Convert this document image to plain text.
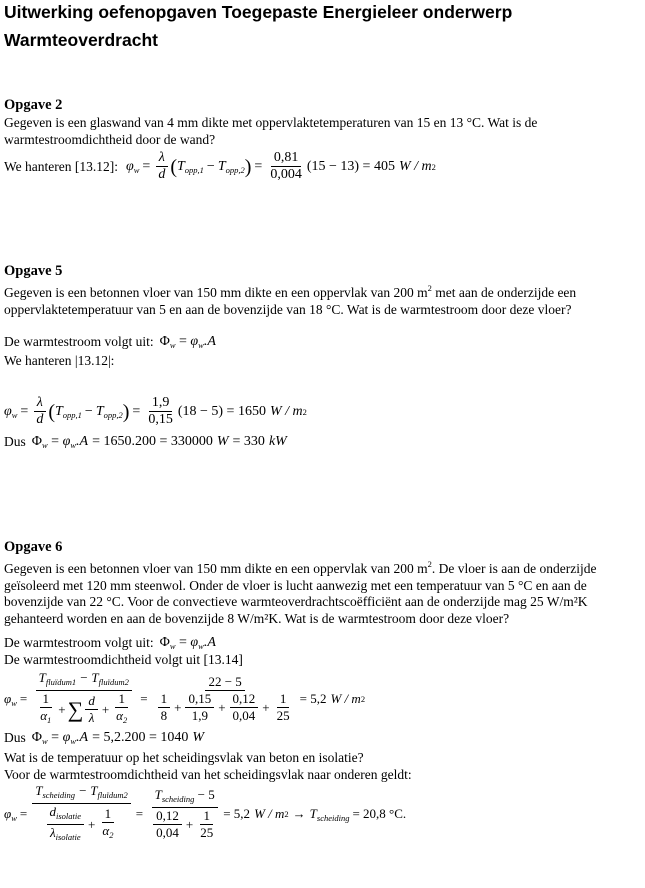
Uitwerking oefenopgaven Toegepaste Energieleer onderwerp
Warmteoverdracht
Opgave 2

Gegeven is een glaswand van 4 mm dikte met oppervlaktetemperaturen van 15 en 13 °C. Wat is de warmtestroomdichtheid door de wand?

We hanteren [13.12]: $\varphi_w = \frac{\lambda}{d}$ ( $T_{opp,1} - T_{opp,2}$ ) = $\frac{0,81}{0,004} (15 - 13) = 405$ W / m 2
Opgave 5

Gegeven is een betonnen vloer van 150 mm dikte en een oppervlak van 200 $m^2$ met aan de onderzijde een oppervlaktetemperatuur van 5 en aan de bovenzijde van 18 °C. Wat is de warmtestroom door deze vloer?

De warmtestroom volgt uit: $\Phi_w = \varphi_w.A$

We hanteren |13.12|:

$\varphi_w = \frac{\lambda}{d}$ ( $T_{opp,1} - T_{opp,2}$ ) = $\frac{1,9}{0,15} (18 - 5) = 1650$ W / m 2
Dus $\Phi_w = \varphi_w.A = 1650.200 = 330000$ W = 330 kW
Opgave 6

Gegeven is een betonnen vloer van 150 mm dikte en een oppervlak van 200 $m^2$. De vloer is aan de onderzijde geïsoleerd met 120 mm steenwol. Onder de vloer is lucht aanwezig met een temperatuur van 5 °C en aan de bovenzijde van 22 °C. Voor de convectieve warmteoverdrachtscoëfficiënt aan de onderzijde mag 25 W/m²K gehanteerd worden en aan de bovenzijde 8 W/m²K. Wat is de warmtestroom door deze vloer?

De warmtestroom volgt uit: $\Phi_w = \varphi_w.A$

De warmtestroomdichtheid volgt uit [13.14]

$\varphi_w = \frac{T_{fluïdum1} - T_{fluïdum2}}{\frac{1}{\alpha_1} + \sum \frac{d}{\lambda} + \frac{1}{\alpha_2}}$ =
22 − 5
$\frac{1}{8} + \frac{0,15}{1,9} + \frac{0,12}{0,04} + \frac{1}{25} = 5,2$ W / m 2
Dus $\Phi_w = \varphi_w.A = 5,2.200 = 1040$ W

Wat is de temperatuur op het scheidingsvlak van beton en isolatie?

Voor de warmtestroomdichtheid van het scheidingsvlak naar onderen geldt:

$\varphi_w = \frac{T_{scheiding} - T_{fluïdum2}}{\frac{d_{isolatie}}{\lambda_{isolatie}} + \frac{1}{\alpha_2}} = \frac{T_{scheiding} - 5}{\frac{0,12}{0,04} + \frac{1}{25}} = 5,2$ W / m $2 \to T_{scheiding} = 20,8$ °C.
